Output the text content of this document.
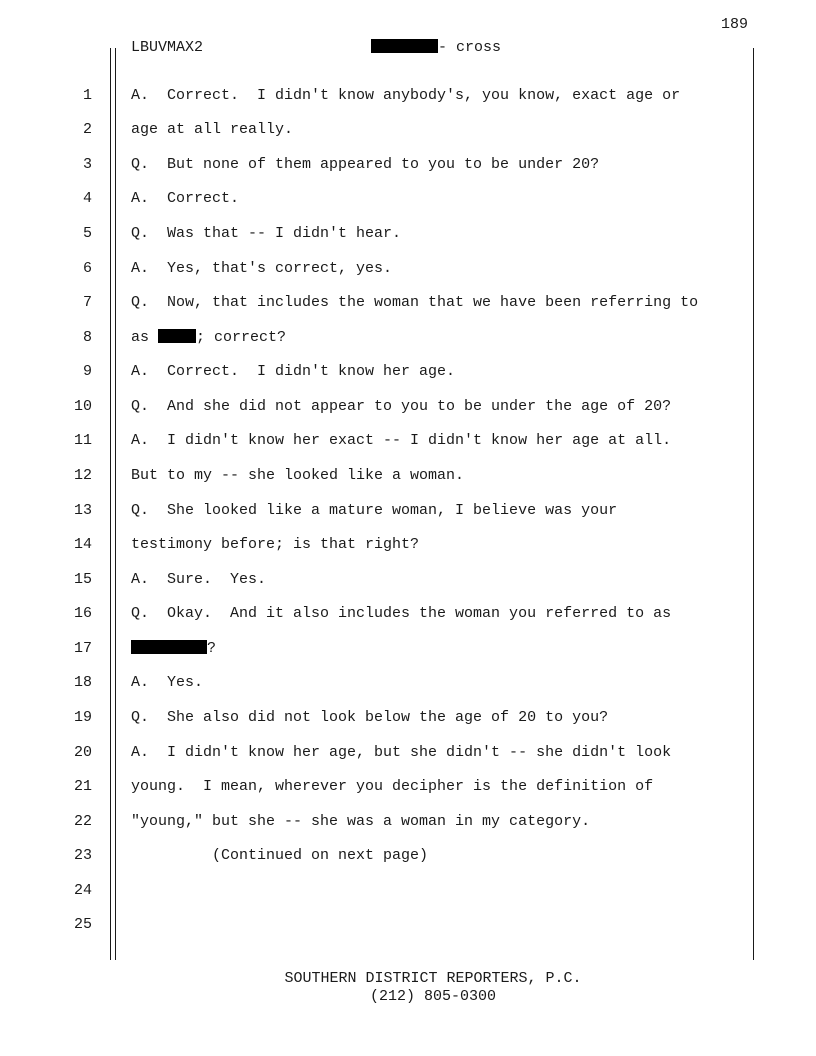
189
LBUVMAX2	- cross
1
2
3
4
5
6
7
8
9
10
11
12
13
14
15
16
17
18
19
20
21
22
23
24
25
A.  Correct.  I didn't know anybody's, you know, exact age or
age at all really.
Q.  But none of them appeared to you to be under 20?
A.  Correct.
Q.  Was that -- I didn't hear.
A.  Yes, that's correct, yes.
Q.  Now, that includes the woman that we have been referring to
as	; correct?
A.  Correct.  I didn't know her age.
Q.  And she did not appear to you to be under the age of 20?
A.  I didn't know her exact -- I didn't know her age at all.
But to my -- she looked like a woman.
Q.  She looked like a mature woman, I believe was your
testimony before; is that right?
A.  Sure.  Yes.
Q.  Okay.  And it also includes the woman you referred to as
?
A.  Yes.
Q.  She also did not look below the age of 20 to you?
A.  I didn't know her age, but she didn't -- she didn't look
young.  I mean, wherever you decipher is the definition of
"young," but she -- she was a woman in my category.
(Continued on next page)
SOUTHERN DISTRICT REPORTERS, P.C.
(212) 805-0300
